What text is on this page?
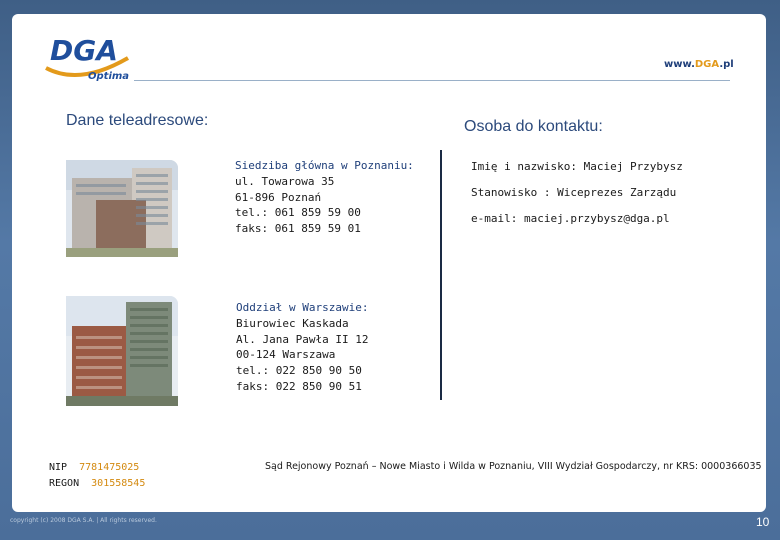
DGA
Optima
www.DGA.pl
Dane teleadresowe:	Osoba do kontaktu:
Siedziba główna w Poznaniu:
ul. Towarowa 35
61-896 Poznań
tel.: 061 859 59 00
faks: 061 859 59 01
Oddział w Warszawie:
Biurowiec Kaskada
Al. Jana Pawła II 12
00-124 Warszawa
tel.: 022 850 90 50
faks: 022 850 90 51
Imię i nazwisko: Maciej Przybysz
Stanowisko : Wiceprezes Zarządu
e-mail: maciej.przybysz@dga.pl
NIP 7781475025
REGON 301558545
Sąd Rejonowy Poznań – Nowe Miasto i Wilda w Poznaniu, VIII Wydział Gospodarczy, nr KRS: 0000366035
copyright (c) 2008 DGA S.A. | All rights reserved.	10
